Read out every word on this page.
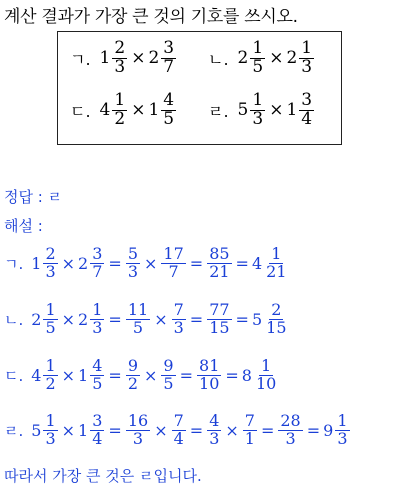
계산 결과가 가장 큰 것의 기호를 쓰시오.
ㄱ. $1 \frac{2}{3} \times 2 \frac{3}{7}$ ㄴ. $2 \frac{1}{5} \times 2 \frac{1}{3}$
ㄷ. $4 \frac{1}{2} \times 1 \frac{4}{5}$ ㄹ. $5 \frac{1}{3} \times 1 \frac{3}{4}$
정답 : ㄹ
해설 :
ㄱ. $1 \frac{2}{3} \times 2 \frac{3}{7} = \frac{5}{3} \times \frac{17}{7} = \frac{85}{21} = 4 \frac{1}{21}$
ㄴ. $2 \frac{1}{5} \times 2 \frac{1}{3} = \frac{11}{5} \times \frac{7}{3} = \frac{77}{15} = 5 \frac{2}{15}$
ㄷ. $4 \frac{1}{2} \times 1 \frac{4}{5} = \frac{9}{2} \times \frac{9}{5} = \frac{81}{10} = 8 \frac{1}{10}$
ㄹ. $5 \frac{1}{3} \times 1 \frac{3}{4} = \frac{16}{3} \times \frac{7}{4} = \frac{4}{3} \times \frac{7}{1} = \frac{28}{3} = 9 \frac{1}{3}$
따라서 가장 큰 것은 ㄹ입니다.
